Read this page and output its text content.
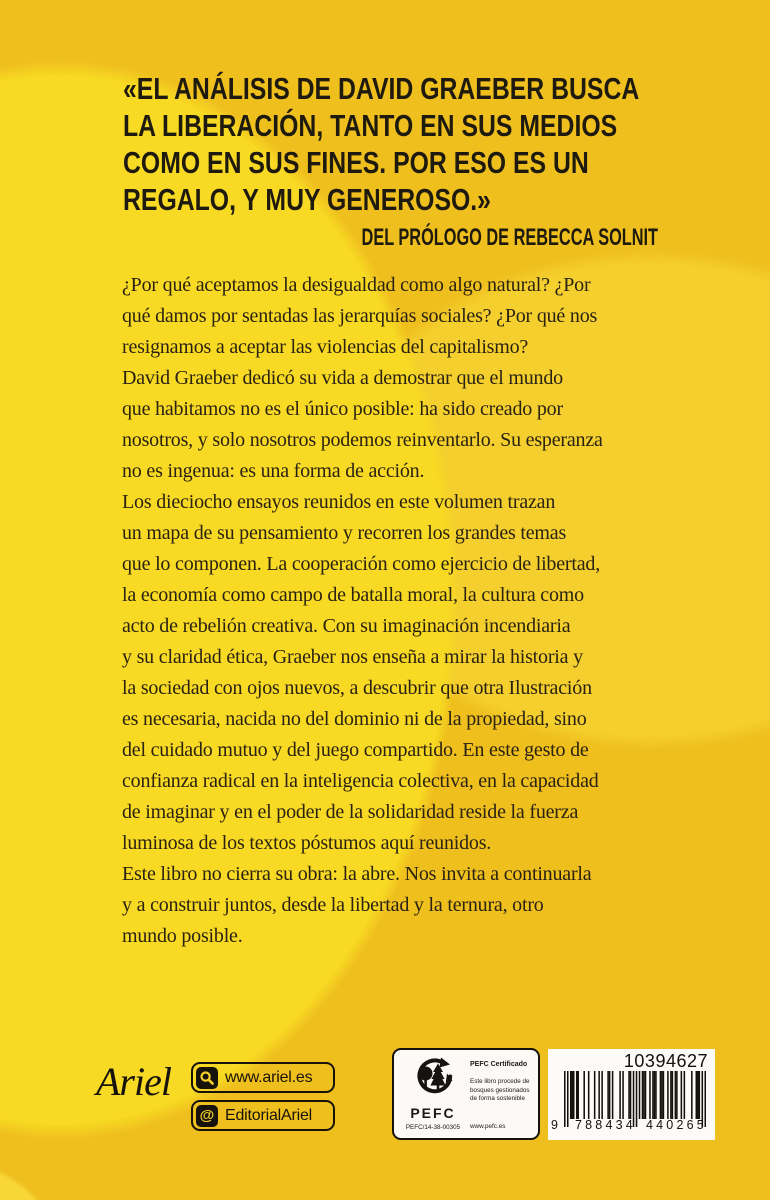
«EL ANÁLISIS DE DAVID GRAEBER BUSCA
LA LIBERACIÓN, TANTO EN SUS MEDIOS
COMO EN SUS FINES. POR ESO ES UN
REGALO, Y MUY GENEROSO.»
DEL PRÓLOGO DE REBECCA SOLNIT
¿Por qué aceptamos la desigualdad como algo natural? ¿Por
qué damos por sentadas las jerarquías sociales? ¿Por qué nos
resignamos a aceptar las violencias del capitalismo?
David Graeber dedicó su vida a demostrar que el mundo
que habitamos no es el único posible: ha sido creado por
nosotros, y solo nosotros podemos reinventarlo. Su esperanza
no es ingenua: es una forma de acción.
Los dieciocho ensayos reunidos en este volumen trazan
un mapa de su pensamiento y recorren los grandes temas
que lo componen. La cooperación como ejercicio de libertad,
la economía como campo de batalla moral, la cultura como
acto de rebelión creativa. Con su imaginación incendiaria
y su claridad ética, Graeber nos enseña a mirar la historia y
la sociedad con ojos nuevos, a descubrir que otra Ilustración
es necesaria, nacida no del dominio ni de la propiedad, sino
del cuidado mutuo y del juego compartido. En este gesto de
confianza radical en la inteligencia colectiva, en la capacidad
de imaginar y en el poder de la solidaridad reside la fuerza
luminosa de los textos póstumos aquí reunidos.
Este libro no cierra su obra: la abre. Nos invita a continuarla
y a construir juntos, desde la libertad y la ternura, otro
mundo posible.
Ariel	www.ariel.es
@ EditorialAriel	PEFC
PEFC/14-38-00305
PEFC Certificado
Este libro procede de
bosques gestionados
de forma sostenible
www.pefc.es
10394627
9 788434 440265
